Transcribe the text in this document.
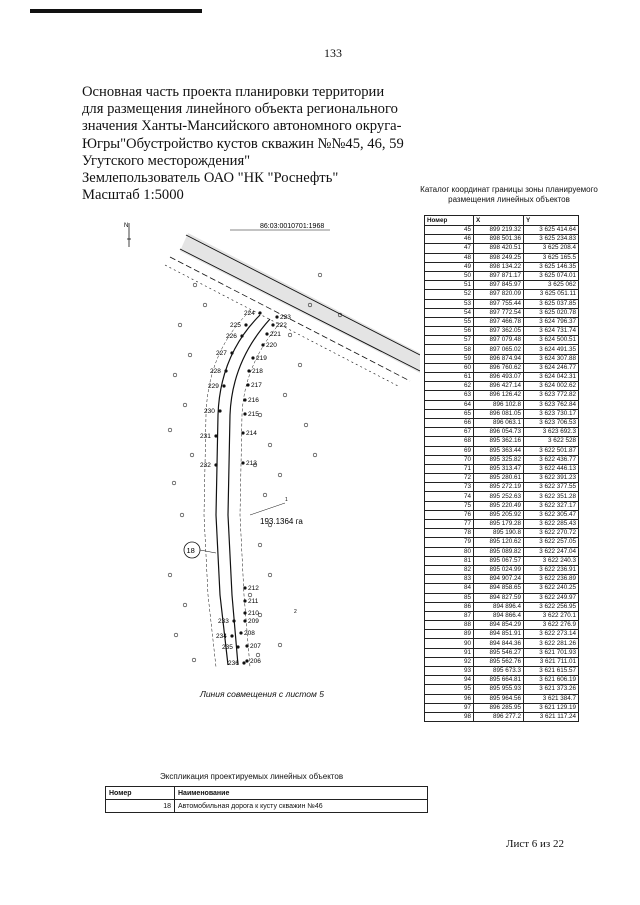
133
Основная часть проекта планировки территории
для размещения линейного объекта регионального
значения Ханты-Мансийского автономного округа-
Югры"Обустройство кустов скважин №№45, 46, 59
Угутского месторождения"
Землепользователь ОАО "НК "Роснефть"
Масштаб 1:5000	Каталог координат границы зоны планируемого размещения линейных объектов
Номер	X	Y
45	899 219.32	3 625 414.64
46	898 501.36	3 625 234.83
47	898 420.51	3 625 208.4
48	898 249.25	3 625 165.5
49	898 134.22	3 625 146.35
50	897 871.17	3 625 074.01
51	897 845.97	3 625 062
52	897 820.09	3 625 051.11
53	897 755.44	3 625 037.85
54	897 772.54	3 625 020.78
55	897 466.78	3 624 796.37
56	897 362.05	3 624 731.74
57	897 079.48	3 624 500.51
58	897 065.02	3 624 491.35
59	896 874.94	3 624 307.88
60	896 760.62	3 624 246.77
61	896 493.07	3 624 042.31
62	896 427.14	3 624 002.62
63	896 126.42	3 623 772.82
64	896 102.8	3 623 762.84
65	896 081.05	3 623 730.17
66	896 063.1	3 623 706.53
67	896 054.73	3 623 692.3
68	895 362.16	3 622 528
69	895 363.44	3 622 501.87
70	895 325.82	3 622 436.77
71	895 313.47	3 622 446.13
72	895 280.61	3 622 391.23
73	895 272.19	3 622 377.55
74	895 252.63	3 622 351.28
75	895 220.49	3 622 327.17
76	895 205.92	3 622 305.47
77	895 179.28	3 622 285.43
78	895 190.8	3 622 270.72
79	895 120.62	3 622 257.05
80	895 089.82	3 622 247.04
81	895 067.57	3 622 240.3
82	895 024.99	3 622 236.91
83	894 907.24	3 622 236.89
84	894 858.65	3 622 240.25
85	894 827.59	3 622 249.97
86	894 896.4	3 622 256.95
87	894 866.4	3 622 270.1
88	894 854.29	3 622 276.9
89	894 851.91	3 622 273.14
90	894 844.36	3 622 281.26
91	895 546.27	3 621 701.93
92	895 562.76	3 621 711.01
93	895 673.3	3 621 615.57
94	895 664.81	3 621 606.19
95	895 955.93	3 621 373.26
96	895 964.56	3 621 384.7
97	896 285.95	3 621 129.19
98	896 277.2	3 621 117.24
N	86:03:0010701:1968
224
225
226
227
228
229
230
231
232
233
234
235
236
222
221
220
219
218
217
216
215
214
213
212
211
210
209
208
207
206
223
1
193.1364 га
2
18
Линия совмещения с листом 5
Экспликация проектируемых линейных объектов
Номер	Наименование
18	Автомобильная дорога к кусту скважин №46
Лист 6 из 22
